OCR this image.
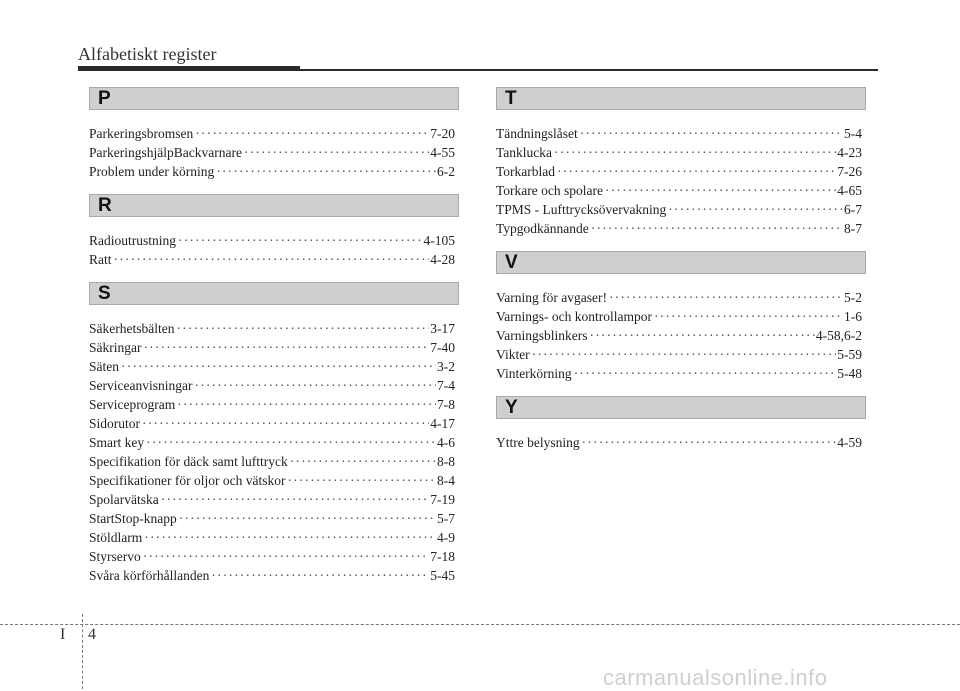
Alfabetiskt register
P
Parkeringsbromsen ·····	7-20
ParkeringshjälpBackvarnare ·····	4-55
Problem under körning ·····	6-2
R
Radioutrustning ·····	4-105
Ratt ·····	4-28
S
Säkerhetsbälten ·····	3-17
Säkringar ·····	7-40
Säten ·····	3-2
Serviceanvisningar ·····	7-4
Serviceprogram ·····	7-8
Sidorutor ·····	4-17
Smart key ·····	4-6
Specifikation för däck samt lufttryck ·····	8-8
Specifikationer för oljor och vätskor ·····	8-4
Spolarvätska ·····	7-19
StartStop-knapp ·····	5-7
Stöldlarm ·····	4-9
Styrservo ·····	7-18
Svåra körförhållanden ·····	5-45
T
Tändningslåset ·····	5-4
Tanklucka ·····	4-23
Torkarblad ·····	7-26
Torkare och spolare ·····	4-65
TPMS - Lufttrycksövervakning ·····	6-7
Typgodkännande ·····	8-7
V
Varning för avgaser! ·····	5-2
Varnings- och kontrollampor ·····	1-6
Varningsblinkers ·····	4-58,6-2
Vikter ·····	5-59
Vinterkörning ·····	5-48
Y
Yttre belysning ·····	4-59
I 4
carmanualsonline.info
